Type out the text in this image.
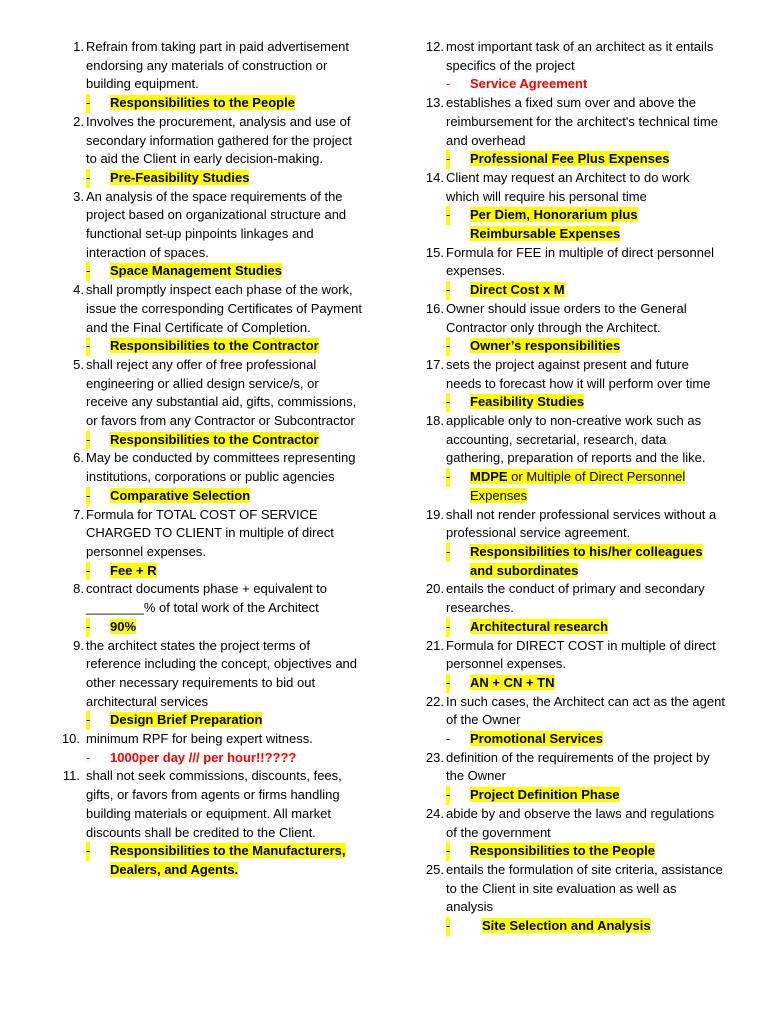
1. Refrain from taking part in paid advertisement endorsing any materials of construction or building equipment.
- Responsibilities to the People
2. Involves the procurement, analysis and use of secondary information gathered for the project to aid the Client in early decision-making.
- Pre-Feasibility Studies
3. An analysis of the space requirements of the project based on organizational structure and functional set-up pinpoints linkages and interaction of spaces.
- Space Management Studies
4. shall promptly inspect each phase of the work, issue the corresponding Certificates of Payment and the Final Certificate of Completion.
- Responsibilities to the Contractor
5. shall reject any offer of free professional engineering or allied design service/s, or receive any substantial aid, gifts, commissions, or favors from any Contractor or Subcontractor
- Responsibilities to the Contractor
6. May be conducted by committees representing institutions, corporations or public agencies
- Comparative Selection
7. Formula for TOTAL COST OF SERVICE CHARGED TO CLIENT in multiple of direct personnel expenses.
- Fee + R
8. contract documents phase + equivalent to ________% of total work of the Architect
- 90%
9. the architect states the project terms of reference including the concept, objectives and other necessary requirements to bid out architectural services
- Design Brief Preparation
10. minimum RPF for being expert witness.
- 1000per day /// per hour!!????
11. shall not seek commissions, discounts, fees, gifts, or favors from agents or firms handling building materials or equipment. All market discounts shall be credited to the Client.
- Responsibilities to the Manufacturers, Dealers, and Agents.
12. most important task of an architect as it entails specifics of the project
- Service Agreement
13. establishes a fixed sum over and above the reimbursement for the architect's technical time and overhead
- Professional Fee Plus Expenses
14. Client may request an Architect to do work which will require his personal time
- Per Diem, Honorarium plus Reimbursable Expenses
15. Formula for FEE in multiple of direct personnel expenses.
- Direct Cost x M
16. Owner should issue orders to the General Contractor only through the Architect.
- Owner’s responsibilities
17. sets the project against present and future needs to forecast how it will perform over time
- Feasibility Studies
18. applicable only to non-creative work such as accounting, secretarial, research, data gathering, preparation of reports and the like.
- MDPE or Multiple of Direct Personnel Expenses
19. shall not render professional services without a professional service agreement.
- Responsibilities to his/her colleagues and subordinates
20. entails the conduct of primary and secondary researches.
- Architectural research
21. Formula for DIRECT COST in multiple of direct personnel expenses.
- AN + CN + TN
22. In such cases, the Architect can act as the agent of the Owner
- Promotional Services
23. definition of the requirements of the project by the Owner
- Project Definition Phase
24. abide by and observe the laws and regulations of the government
- Responsibilities to the People
25. entails the formulation of site criteria, assistance to the Client in site evaluation as well as analysis
- Site Selection and Analysis
